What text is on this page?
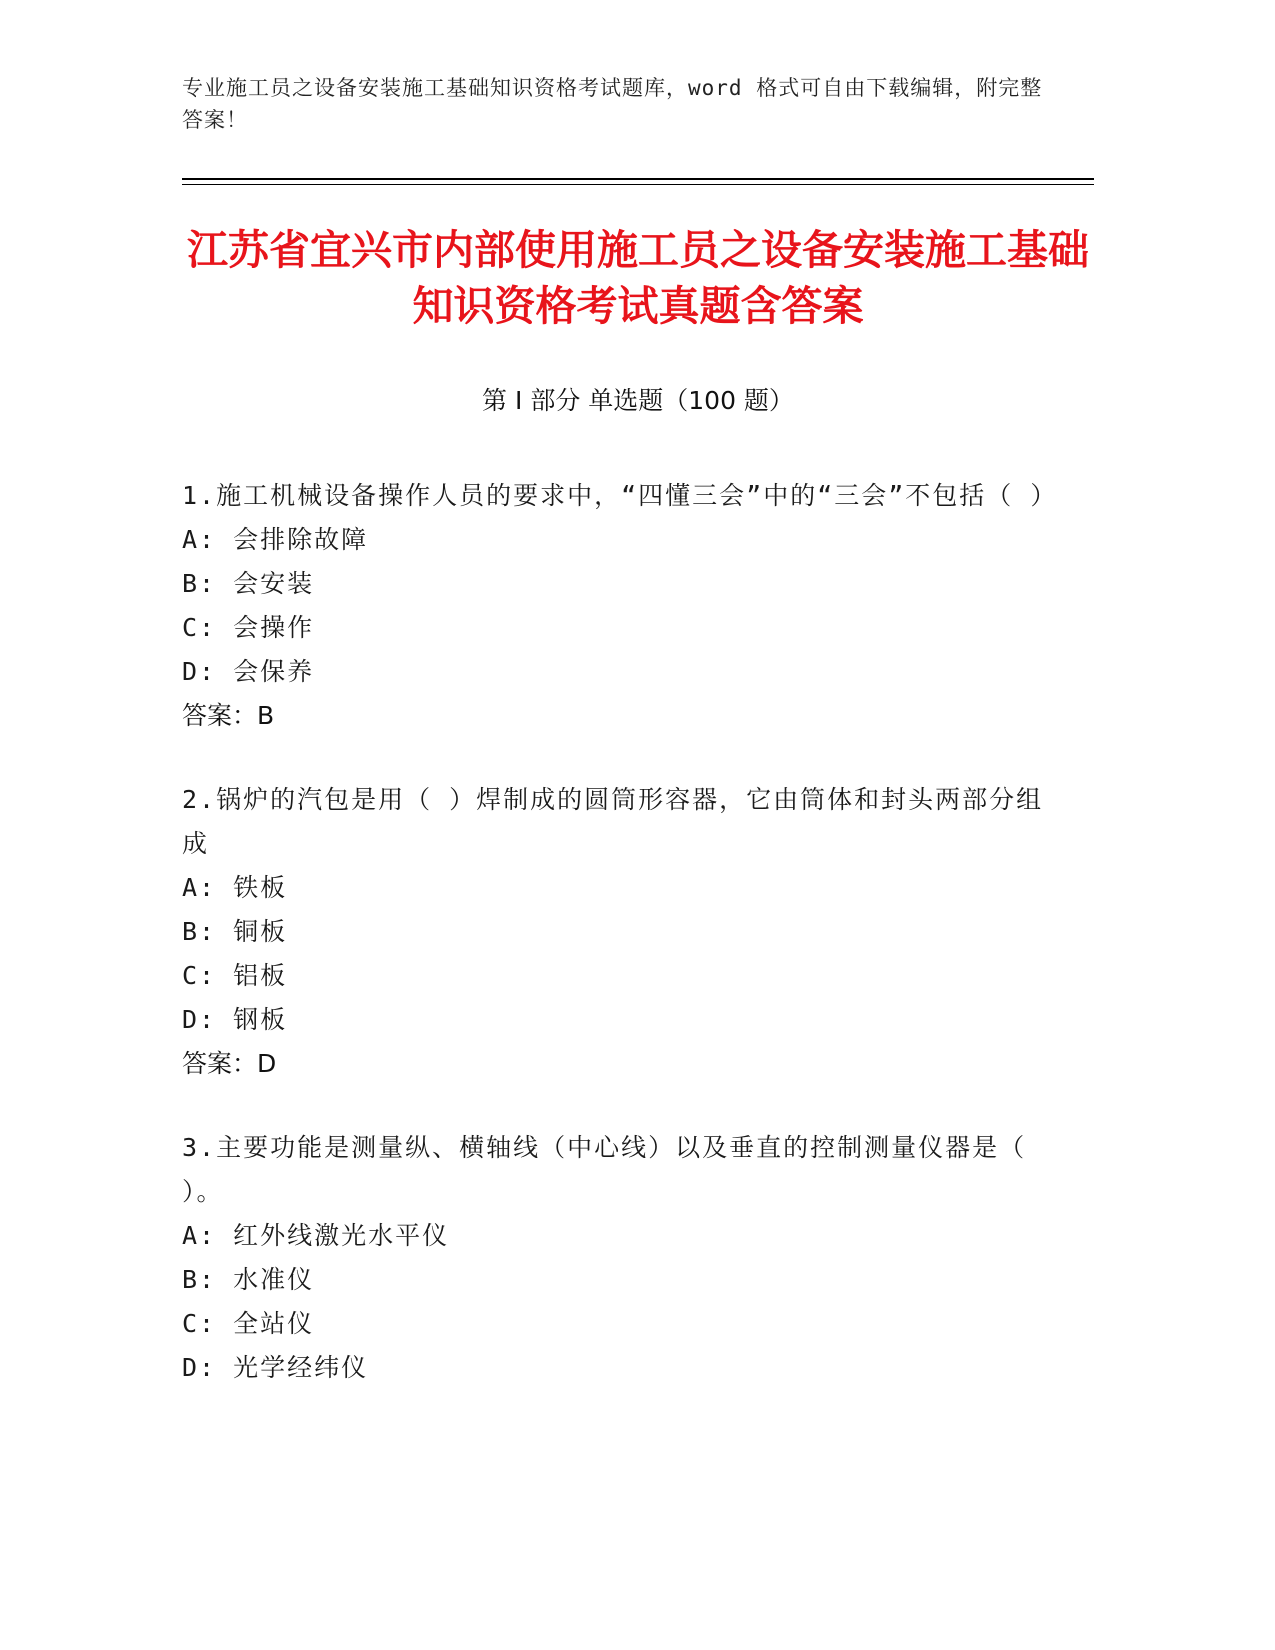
专业施工员之设备安装施工基础知识资格考试题库，word 格式可自由下载编辑，附完整答案！
江苏省宜兴市内部使用施工员之设备安装施工基础知识资格考试真题含答案
第 I 部分 单选题（100 题）
1.施工机械设备操作人员的要求中，“四懂三会”中的“三会”不包括（ ）
A: 会排除故障
B: 会安装
C: 会操作
D: 会保养
答案：B
2.锅炉的汽包是用（ ）焊制成的圆筒形容器，它由筒体和封头两部分组成
A: 铁板
B: 铜板
C: 铝板
D: 钢板
答案：D
3.主要功能是测量纵、横轴线（中心线）以及垂直的控制测量仪器是（ ）。
A: 红外线激光水平仪
B: 水准仪
C: 全站仪
D: 光学经纬仪
